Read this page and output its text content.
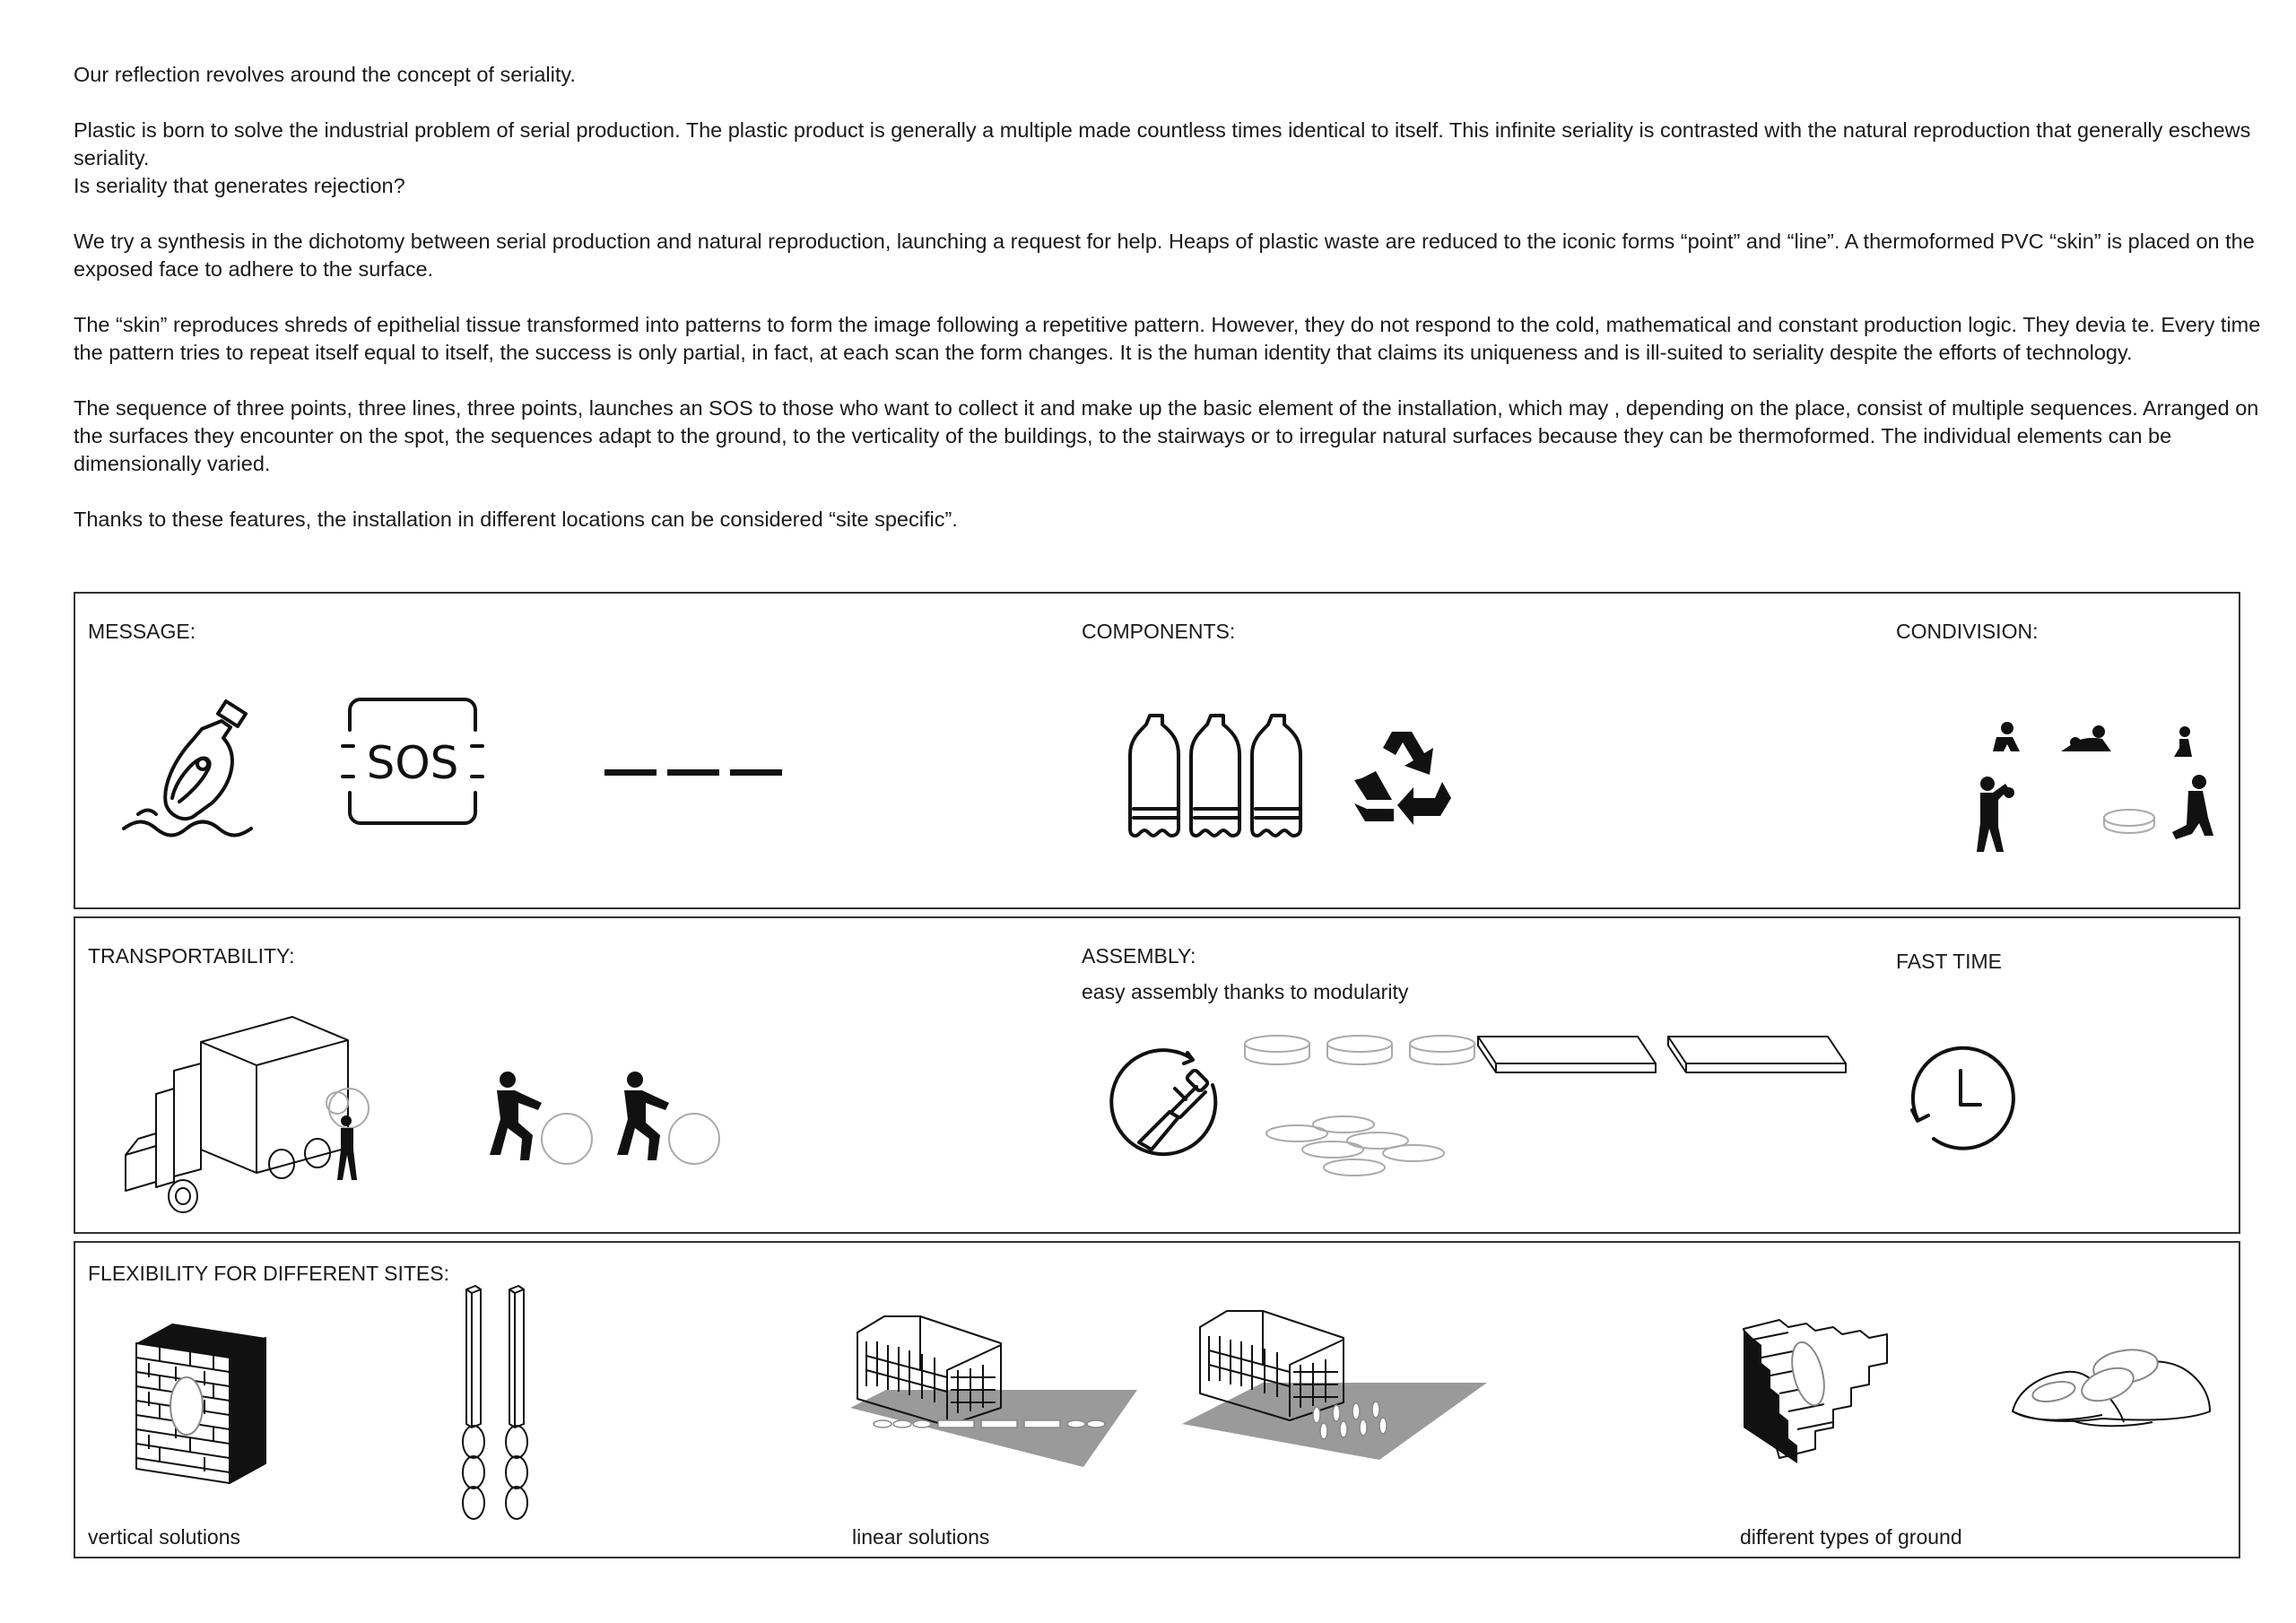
Our reflection revolves around the concept of seriality.

Plastic is born to solve the industrial problem of serial production. The plastic product is generally a multiple made countless times identical to itself. This infinite seriality is contrasted with the natural reproduction that generally eschews seriality.
Is seriality that generates rejection?

We try a synthesis in the dichotomy between serial production and natural reproduction, launching a request for help. Heaps of plastic waste are reduced to the iconic forms “point” and “line”. A thermoformed PVC “skin” is placed on the exposed face to adhere to the surface.

The “skin” reproduces shreds of epithelial tissue transformed into patterns to form the image following a repetitive pattern. However, they do not respond to the cold, mathematical and constant production logic. They devia te. Every time the pattern tries to repeat itself equal to itself, the success is only partial, in fact, at each scan the form changes. It is the human identity that claims its uniqueness and is ill-suited to seriality despite the efforts of technology.

The sequence of three points, three lines, three points, launches an SOS to those who want to collect it and make up the basic element of the installation, which may , depending on the place, consist of multiple sequences. Arranged on the surfaces they encounter on the spot, the sequences adapt to the ground, to the verticality of the buildings, to the stairways or to irregular natural surfaces because they can be thermoformed. The individual elements can be dimensionally varied.

Thanks to these features, the installation in different locations can be considered “site specific”.

MESSAGE:	COMPONENTS:	CONDIVISION:
SOS
TRANSPORTABILITY:	ASSEMBLY:
easy assembly thanks to modularity
FAST TIME
FLEXIBILITY FOR DIFFERENT SITES:
vertical solutions	linear solutions	different types of ground
